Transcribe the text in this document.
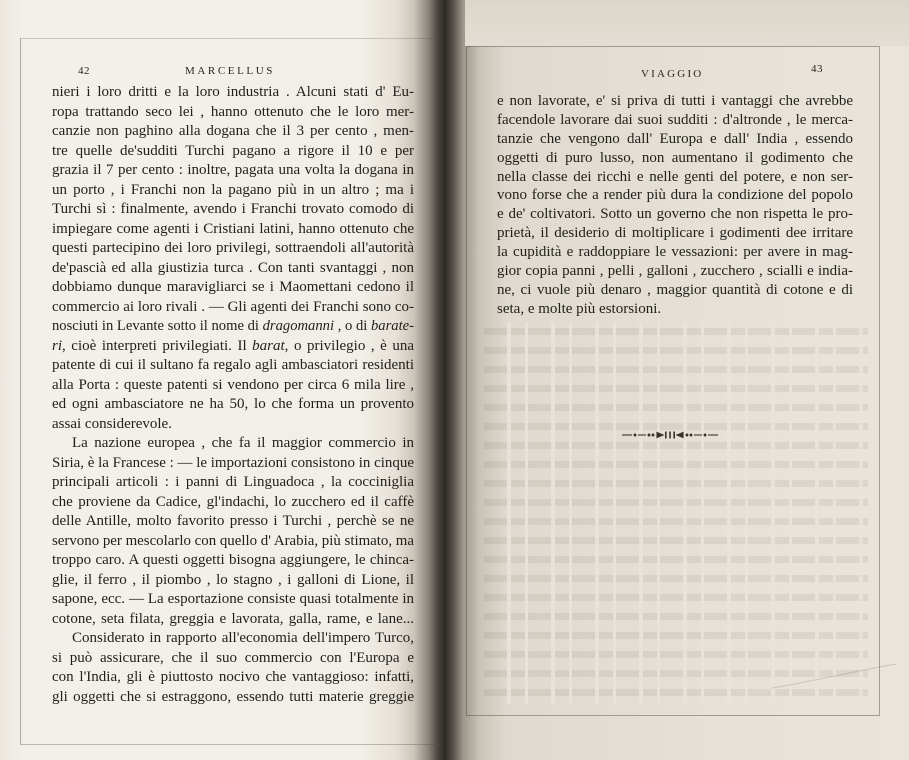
42	MARCELLUS
nieri i loro dritti e la loro industria . Alcuni stati d' Eu-
ropa trattando seco lei , hanno ottenuto che le loro mer-
canzie non paghino alla dogana che il 3 per cento , men-
tre quelle de'sudditi Turchi pagano a rigore il 10 e per
grazia il 7 per cento : inoltre, pagata una volta la dogana in
un porto , i Franchi non la pagano più in un altro ; ma i
Turchi sì : finalmente, avendo i Franchi trovato comodo di
impiegare come agenti i Cristiani latini, hanno ottenuto che
questi partecipino dei loro privilegi, sottraendoli all'autorità
de'pascià ed alla giustizia turca . Con tanti svantaggi , non
dobbiamo dunque maravigliarci se i Maomettani cedono il
commercio ai loro rivali . — Gli agenti dei Franchi sono co-
nosciuti in Levante sotto il nome di dragomanni , o di barate-
ri, cioè interpreti privilegiati. Il barat, o privilegio , è una
patente di cui il sultano fa regalo agli ambasciatori residenti
alla Porta : queste patenti si vendono per circa 6 mila lire ,
ed ogni ambasciatore ne ha 50, lo che forma un provento
assai considerevole.
La nazione europea , che fa il maggior commercio in
Siria, è la Francese : — le importazioni consistono in cinque
principali articoli : i panni di Linguadoca , la cocciniglia
che proviene da Cadice, gl'indachi, lo zucchero ed il caffè
delle Antille, molto favorito presso i Turchi , perchè se ne
servono per mescolarlo con quello d' Arabia, più stimato, ma
troppo caro. A questi oggetti bisogna aggiungere, le chinca-
glie, il ferro , il piombo , lo stagno , i galloni di Lione, il
sapone, ecc. — La esportazione consiste quasi totalmente in
cotone, seta filata, greggia e lavorata, galla, rame, e lane...
Considerato in rapporto all'economia dell'impero Turco,
si può assicurare, che il suo commercio con l'Europa e
con l'India, gli è piuttosto nocivo che vantaggioso: infatti,
gli oggetti che si estraggono, essendo tutti materie greggie
VIAGGIO	43
e non lavorate, e' si priva di tutti i vantaggi che avrebbe
facendole lavorare dai suoi sudditi : d'altronde , le merca-
tanzie che vengono dall' Europa e dall' India , essendo
oggetti di puro lusso, non aumentano il godimento che
nella classe dei ricchi e nelle genti del potere, e non ser-
vono forse che a render più dura la condizione del popolo
e de' coltivatori. Sotto un governo che non rispetta le pro-
prietà, il desiderio di moltiplicare i godimenti dee irritare
la cupidità e raddoppiare le vessazioni: per avere in mag-
gior copia panni , pelli , galloni , zucchero , scialli e india-
ne, ci vuole più denaro , maggior quantità di cotone e di
seta, e molte più estorsioni.
